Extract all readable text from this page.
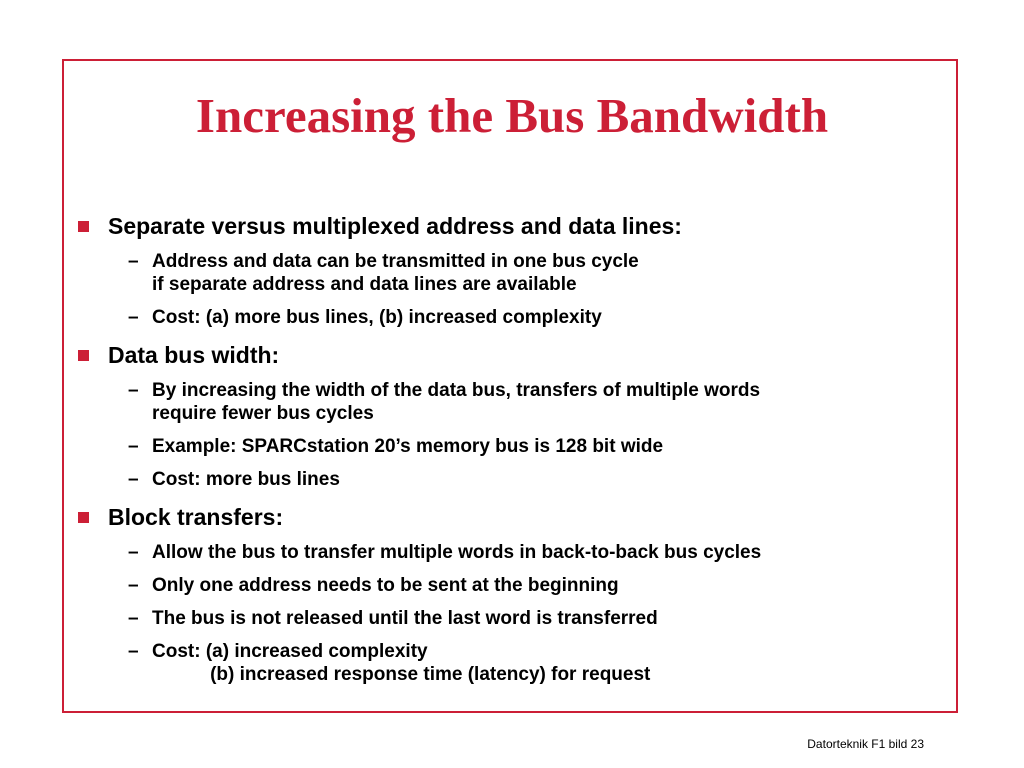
Increasing the Bus Bandwidth
Separate versus multiplexed address and data lines:
– Address and data can be transmitted in one bus cycle
if separate address and data lines are available
– Cost: (a) more bus lines, (b) increased complexity
Data bus width:
– By increasing the width of the data bus, transfers of multiple words
require fewer bus cycles
– Example: SPARCstation 20’s memory bus is 128 bit wide
– Cost: more bus lines
Block transfers:
– Allow the bus to transfer multiple words in back-to-back bus cycles
– Only one address needs to be sent at the beginning
– The bus is not released until the last word is transferred
– Cost: (a) increased complexity
(b) increased response time (latency) for request
Datorteknik F1 bild 23
